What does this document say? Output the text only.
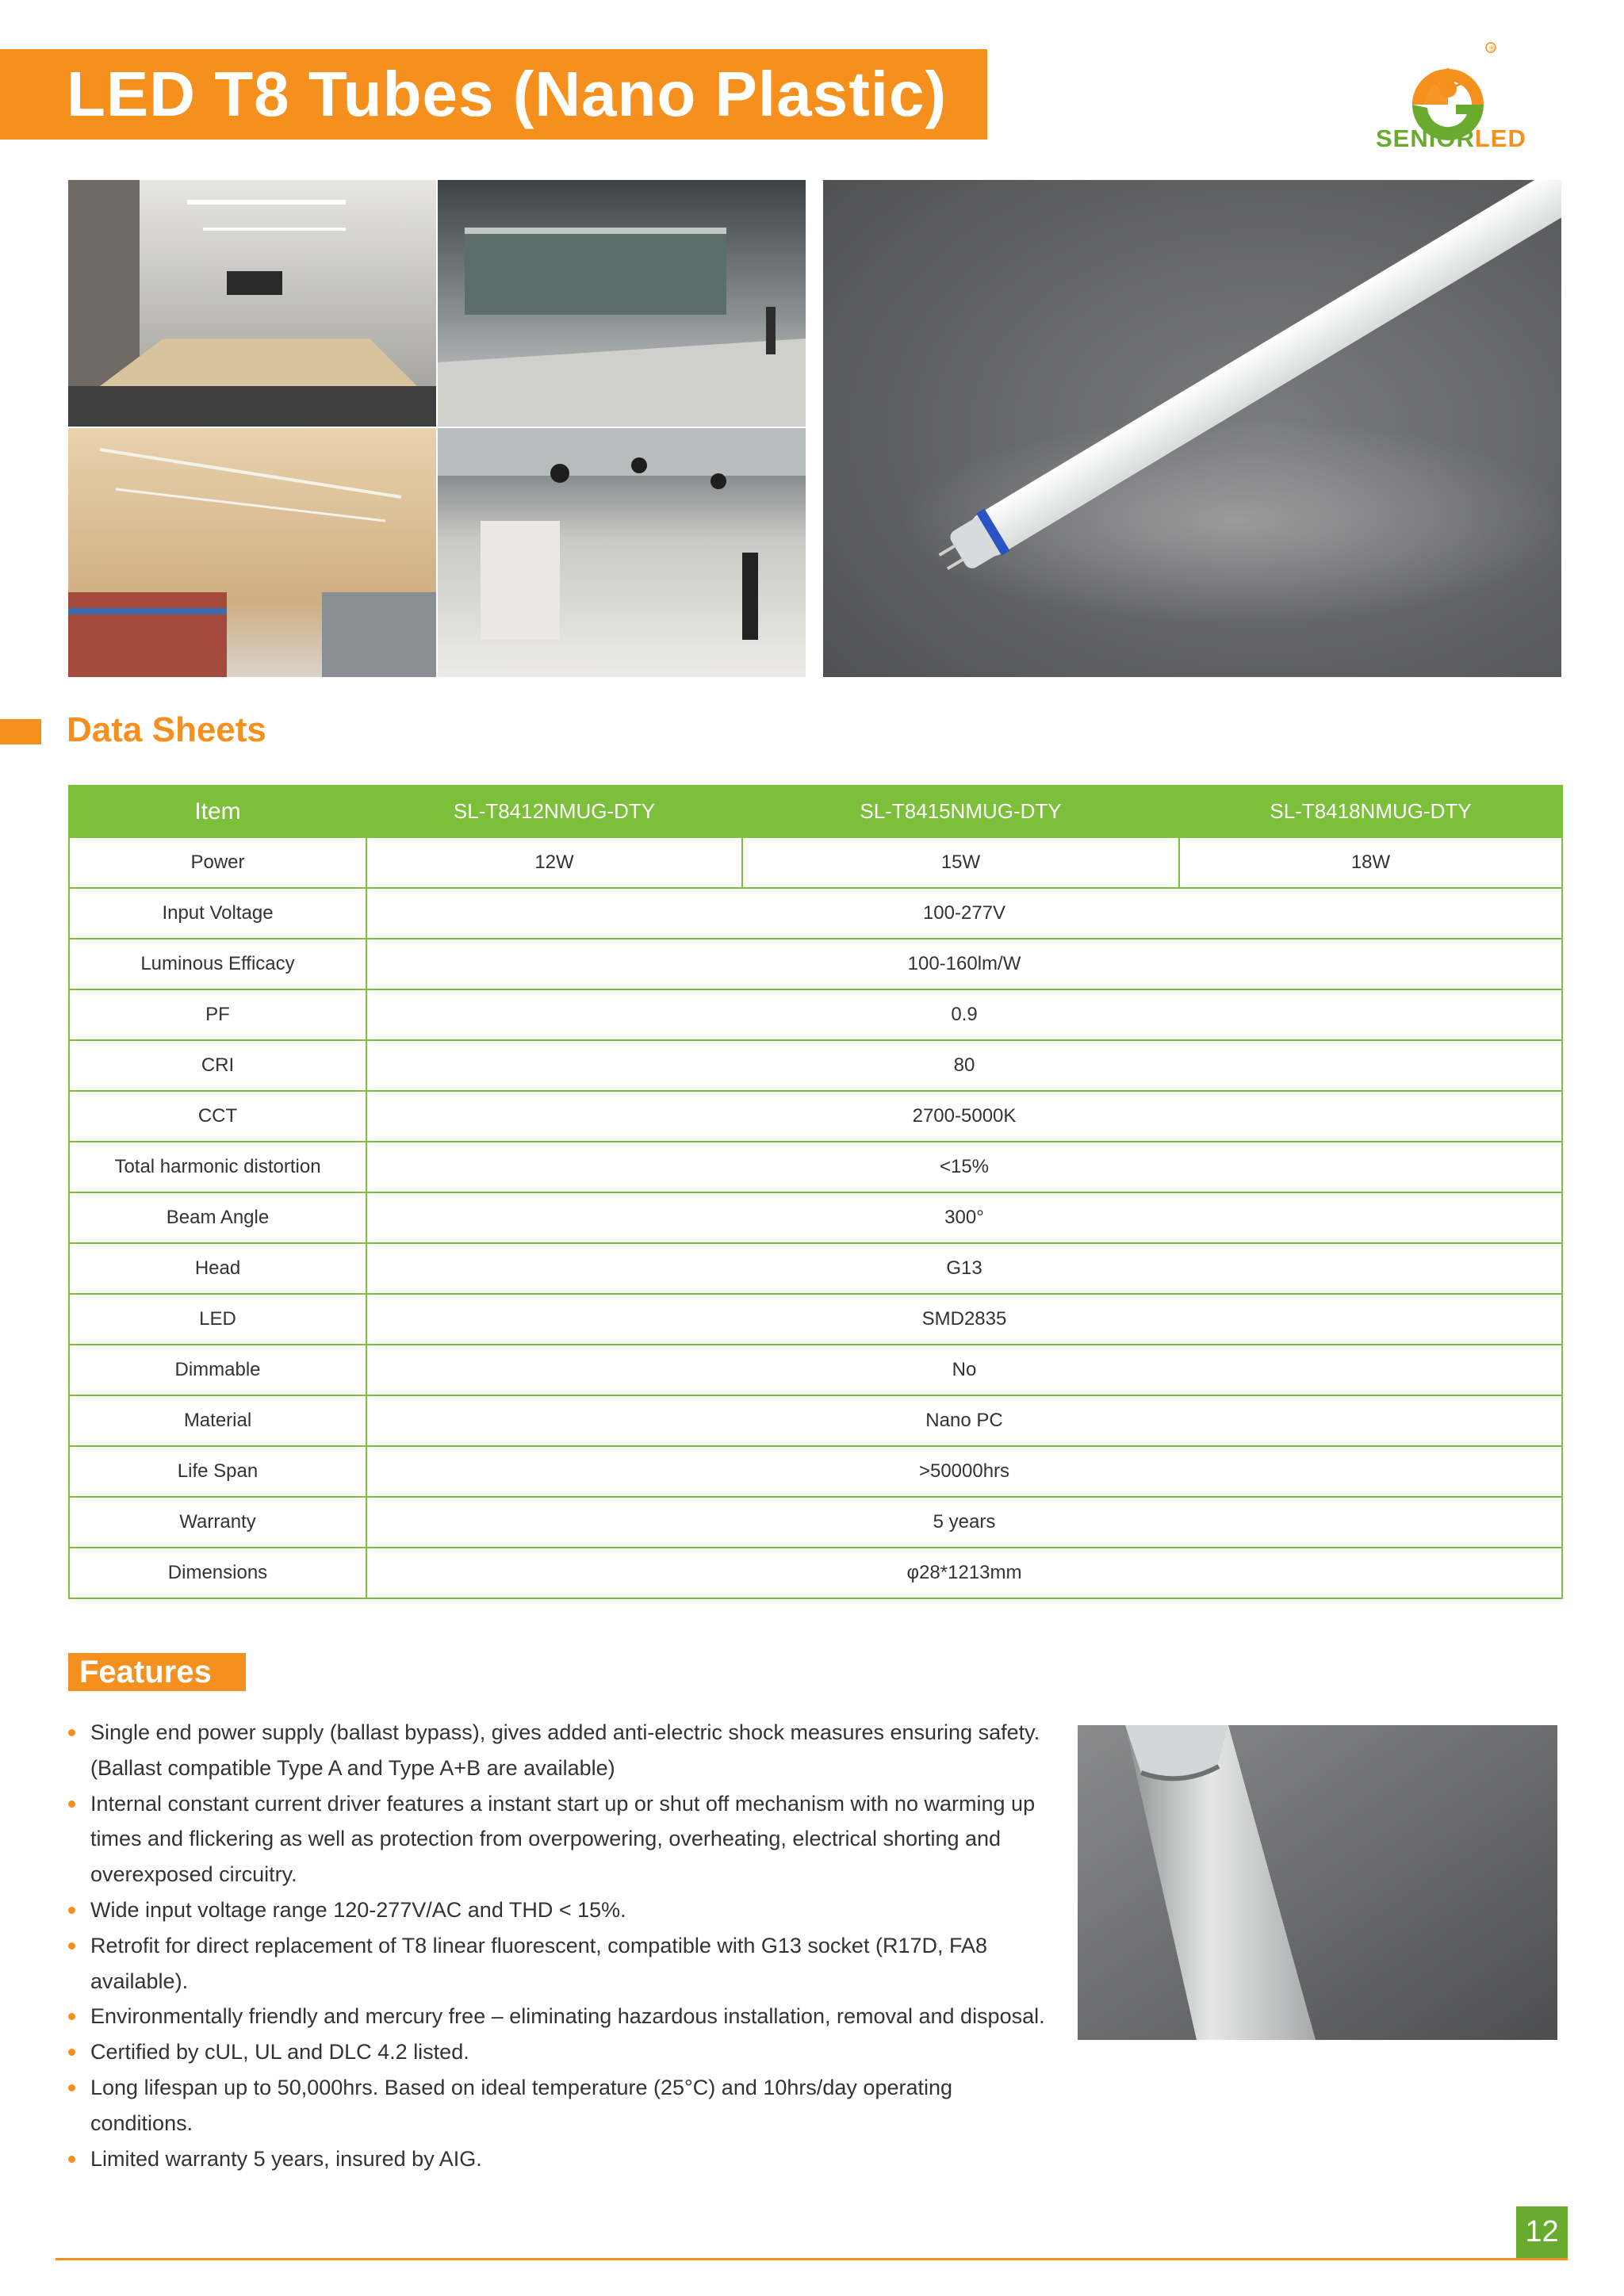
LED T8 Tubes (Nano Plastic)
®
SENIORLED
Data Sheets
Item	SL-T8412NMUG-DTY	SL-T8415NMUG-DTY	SL-T8418NMUG-DTY
Power	12W	15W	18W
Input Voltage	100-277V		
Luminous Efficacy	100-160lm/W		
PF	0.9		
CRI	80		
CCT	2700-5000K		
Total harmonic distortion	<15%		
Beam Angle	300°		
Head	G13		
LED	SMD2835		
Dimmable	No		
Material	Nano PC		
Life Span	>50000hrs		
Warranty	5 years		
Dimensions	φ28*1213mm		
Features
Single end power supply (ballast bypass), gives added anti-electric shock measures ensuring safety. (Ballast compatible Type A and Type A+B are available)
Internal constant current driver features a instant start up or shut off mechanism with no warming up times and flickering as well as protection from overpowering, overheating, electrical shorting and overexposed circuitry.
Wide input voltage range 120-277V/AC and THD < 15%.
Retrofit for direct replacement of T8 linear fluorescent, compatible with G13 socket (R17D, FA8 available).
Environmentally friendly and mercury free – eliminating hazardous installation, removal and disposal.
Certified by cUL, UL and DLC 4.2 listed.
Long lifespan up to 50,000hrs. Based on ideal temperature (25°C) and 10hrs/day operating conditions.
Limited warranty 5 years, insured by AIG.
12
